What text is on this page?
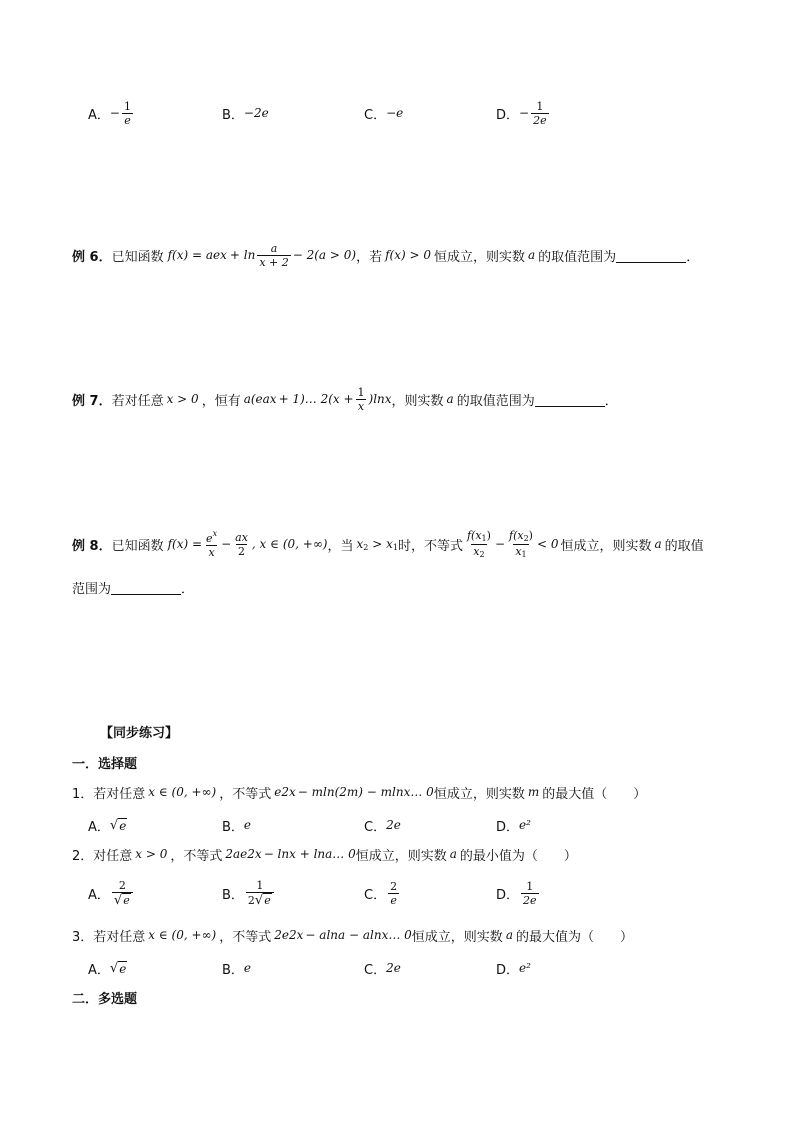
A． − $\frac{1}{e}$	B． −2e	C． −e	D． − $\frac{1}{2e}$
例 6． 已知函数 f(x) = ae $x + \ln \frac{a}{x + 2} - 2(a > 0)$ ，若 f(x) > 0 恒成立，则实数 a 的取值范围为	．
例 7． 若对任意 x > 0 ，恒有 a(e ax + 1)… $2(x + \frac{1}{x} )\ln x$ ，则实数 a 的取值范围为	．
例 8． 已知函数 $f(x) = \frac{e^x}{x} - \frac{ax}{2}$ , x ∈ (0, +∞) ，当 $x_2 > x_1$ 时，不等式 $\frac{f(x_1)}{x_2} - \frac{f(x_2)}{x_1} < 0$ 恒成立，则实数 a 的取值
范围为	．
【同步练习】
一．选择题
1．若对任意 x ∈ (0, +∞) ，不等式 e 2x − mln(2m) − mlnx… 0 恒成立，则实数 m 的最大值（　　）
A． √ e	B． e	C． 2e	D． e²
2．对任意 x > 0 ，不等式 2ae 2x − lnx + lna… 0 恒成立，则实数 a 的最小值为（　　）
A． $\frac{2}{√e}$	B． $\frac{1}{2√e}$	C． $\frac{2}{e}$	D． $\frac{1}{2e}$
3．若对任意 x ∈ (0, +∞) ，不等式 2e 2x − alna − alnx… 0 恒成立，则实数 a 的最大值为（　　）
A． √ e	B． e	C． 2e	D． e²
二．多选题
